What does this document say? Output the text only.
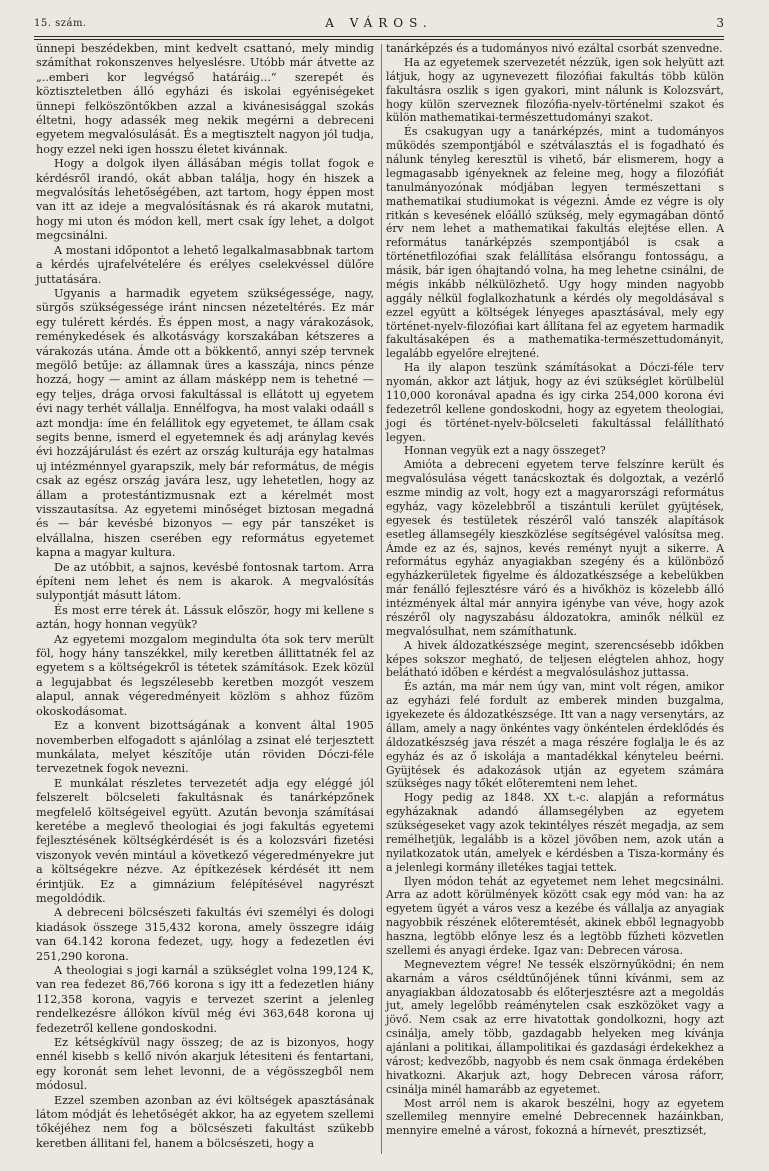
15. szám.	A VÁROS.	3

ünnepi beszédekben, mint kedvelt csattanó, mely mindig számíthat rokonszenves helyeslésre. Utóbb már átvette az „..emberi kor legvégső határáig...“ szerepét és köztiszteletben álló egyházi és iskolai egyéniségeket ünnepi felköszöntőkben azzal a kivánesisággal szokás éltetni, hogy adassék meg nekik megérni a debreceni egyetem megvalósulását. És a megtisztelt nagyon jól tudja, hogy ezzel neki igen hosszu életet kivánnak.

Hogy a dolgok ilyen állásában mégis tollat fogok e kérdésről irandó, okát abban találja, hogy én hiszek a megvalósítás lehetőségében, azt tartom, hogy éppen most van itt az ideje a megvalósításnak és rá akarok mutatni, hogy mi uton és módon kell, mert csak így lehet, a dolgot megcsinálni.

A mostani időpontot a lehető legalkalmasabbnak tartom a kérdés ujrafelvételére és erélyes cselekvéssel dülőre juttatására.

Ugyanis a harmadik egyetem szükségessége, nagy, sürgős szükségessége iránt nincsen nézeteltérés. Ez már egy tulérett kérdés. És éppen most, a nagy várakozások, reménykedések és alkotásvágy korszakában kétszeres a várakozás utána. Ámde ott a bökkentő, annyi szép tervnek megölő betűje: az államnak üres a kasszája, nincs pénze hozzá, hogy — amint az állam másképp nem is tehetné — egy teljes, drága orvosi fakultással is ellátott uj egyetem évi nagy terhét vállalja. Ennélfogva, ha most valaki odaáll s azt mondja: íme én felállitok egy egyetemet, te állam csak segits benne, ismerd el egyetemnek és adj aránylag kevés évi hozzájárulást és ezért az ország kulturája egy hatalmas uj intézménnyel gyarapszik, mely bár református, de mégis csak az egész ország javára lesz, ugy lehetetlen, hogy az állam a protestántizmusnak ezt a kérelmét most visszautasítsa. Az egyetemi minőséget biztosan megadná és — bár kevésbé bizonyos — egy pár tanszéket is elvállalna, hiszen cserében egy református egyetemet kapna a magyar kultura.

De az utóbbit, a sajnos, kevésbé fontosnak tartom. Arra építeni nem lehet és nem is akarok. A megvalósítás sulypontját másutt látom.

És most erre térek át. Lássuk először, hogy mi kellene s aztán, hogy honnan vegyük?

Az egyetemi mozgalom megindulta óta sok terv merült föl, hogy hány tanszékkel, mily keretben állittatnék fel az egyetem s a költségekről is tétetek számítások. Ezek közül a legujabbat és legszélesebb keretben mozgót veszem alapul, annak végeredményeit közlöm s ahhoz fűzöm okoskodásomat.

Ez a konvent bizottságának a konvent által 1905 novemberben elfogadott s ajánlólag a zsinat elé terjesztett munkálata, melyet készítője után röviden Dóczi-féle tervezetnek fogok nevezni.

E munkálat részletes tervezetét adja egy eléggé jól felszerelt bölcseleti fakultásnak és tanárképzőnek megfelelő költségeivel együtt. Azután bevonja számításai keretébe a meglevő theologiai és jogi fakultás egyetemi fejlesztésének költségkérdését is és a kolozsvári fizetési viszonyok vevén mintául a következő végeredményekre jut a költségekre nézve. Az építkezések kérdését itt nem érintjük. Ez a gimnázium felépítésével nagyrészt megoldódik.

A debreceni bölcsészeti fakultás évi személyi és dologi kiadások összege 315,432 korona, amely összegre idáig van 64.142 korona fedezet, ugy, hogy a fedezetlen évi 251,290 korona.

A theologiai s jogi karnál a szükséglet volna 199,124 K, van rea fedezet 86,766 korona s igy itt a fedezetlen hiány 112,358 korona, vagyis e tervezet szerint a jelenleg rendelkezésre állókon kívül még évi 363,648 korona uj fedezetről kellene gondoskodni.

Ez kétségkívül nagy összeg; de az is bizonyos, hogy ennél kisebb s kellő nivón akarjuk létesiteni és fentartani, egy koronát sem lehet levonni, de a végösszegből nem módosul.

Ezzel szemben azonban az évi költségek apasztásának látom módját és lehetőségét akkor, ha az egyetem szellemi tőkéjéhez nem fog a bölcsészeti fakultást szükebb keretben állitani fel, hanem a bölcsészeti, hogy a

tanárképzés és a tudományos nivó ezáltal csorbát szenvedne.

Ha az egyetemek szervezetét nézzük, igen sok helyütt azt látjuk, hogy az ugynevezett filozófiai fakultás több külön fakultásra oszlik s igen gyakori, mint nálunk is Kolozsvárt, hogy külön szerveznek filozófia-nyelv-történelmi szakot és külön mathematikai-természettudományi szakot.

És csakugyan ugy a tanárképzés, mint a tudományos működés szempontjából e szétválasztás el is fogadható és nálunk tényleg keresztül is vihető, bár elismerem, hogy a legmagasabb igényeknek az feleine meg, hogy a filozófiát tanulmányozónak módjában legyen természettani s mathematikai studiumokat is végezni. Ámde ez végre is oly ritkán s kevesének előálló szükség, mely egymagában döntő érv nem lehet a mathematikai fakultás elejtése ellen. A református tanárképzés szempontjából is csak a történetfilozófiai szak felállítása elsőrangu fontosságu, a másik, bár igen óhajtandó volna, ha meg lehetne csinálni, de mégis inkább nélkülözhető. Ugy hogy minden nagyobb aggály nélkül foglalkozhatunk a kérdés oly megoldásával s ezzel együtt a költségek lényeges apasztásával, mely egy történet-nyelv-filozófiai kart állítana fel az egyetem harmadik fakultásaképen és a mathematika-természettudományit, legalább egyelőre elrejtené.

Ha ily alapon teszünk számításokat a Dóczi-féle terv nyomán, akkor azt látjuk, hogy az évi szükséglet körülbelül 110,000 koronával apadna és igy cirka 254,000 korona évi fedezetről kellene gondoskodni, hogy az egyetem theologiai, jogi és történet-nyelv-bölcseleti fakultással felállítható legyen.

Honnan vegyük ezt a nagy összeget?

Amióta a debreceni egyetem terve felszínre került és megvalósulása végett tanácskoztak és dolgoztak, a vezérlő eszme mindig az volt, hogy ezt a magyarországi református egyház, vagy közelebbről a tiszántuli kerület gyüjtések, egyesek és testületek részéről való tanszék alapítások esetleg államsegély kieszközlése segítségével valósítsa meg. Ámde ez az és, sajnos, kevés reményt nyujt a sikerre. A református egyház anyagiakban szegény és a különböző egyházkerületek figyelme és áldozatkészsége a kebelükben már fenálló fejlesztésre váró és a hivőkhöz is közelebb álló intézmények által már annyira igénybe van véve, hogy azok részéről oly nagyszabásu áldozatokra, aminők nélkül ez megvalósulhat, nem számíthatunk.

A hivek áldozatkészsége megint, szerencsésebb időkben képes sokszor megható, de teljesen elégtelen ahhoz, hogy belátható időben e kérdést a megvalósuláshoz juttassa.

És aztán, ma már nem úgy van, mint volt régen, amikor az egyházi felé fordult az emberek minden buzgalma, igyekezete és áldozatkészsége. Itt van a nagy versenytárs, az állam, amely a nagy önkéntes vagy önkéntelen érdeklődés és áldozatkészség java részét a maga részére foglalja le és az egyház és az ő iskolája a mantadékkal kényteleu beérni. Gyüjtések és adakozások utján az egyetem számára szükséges nagy tőkét előteremteni nem lehet.

Hogy pedig az 1848. XX t.-c. alapján a református egyházaknak adandó államsegélyben az egyetem szükségeseket vagy azok tekintélyes részét megadja, az sem remélhetjük, legalább is a közel jövőben nem, azok után a nyilatkozatok után, amelyek e kérdésben a Tisza-kormány és a jelenlegi kormány illetékes tagjai tettek.

Ilyen módon tehát az egyetemet nem lehet megcsinálni. Arra az adott körülmények között csak egy mód van: ha az egyetem ügyét a város vesz a kezébe és vállalja az anyagiak nagyobbik részének előteremtését, akinek ebből legnagyobb haszna, legtöbb előnye lesz és a legtöbb fűzheti közvetlen szellemi és anyagi érdeke. Igaz van: Debrecen városa.

Megneveztem végre! Ne tessék elszörnyűködni; én nem akarnám a város cséldtűnőjének tűnni kívánmi, sem az anyagiakban áldozatosabb és előterjesztésre azt a megoldás jut, amely legelőbb reáménytelen csak eszközöket vagy a jövő. Nem csak az erre hivatottak gondolkozni, hogy azt csinálja, amely több, gazdagabb helyeken meg kívánja ajánlani a politikai, állampolitikai és gazdasági érdekekhez a várost; kedvezőbb, nagyobb és nem csak önmaga érdekében hivatkozni. Akarjuk azt, hogy Debrecen városa ráforr, csinálja minél hamarább az egyetemet.

Most arról nem is akarok beszélni, hogy az egyetem szellemileg mennyire emelné Debrecennek hazáinkban, mennyire emelné a várost, fokozná a hírnevét, presztizsét,
